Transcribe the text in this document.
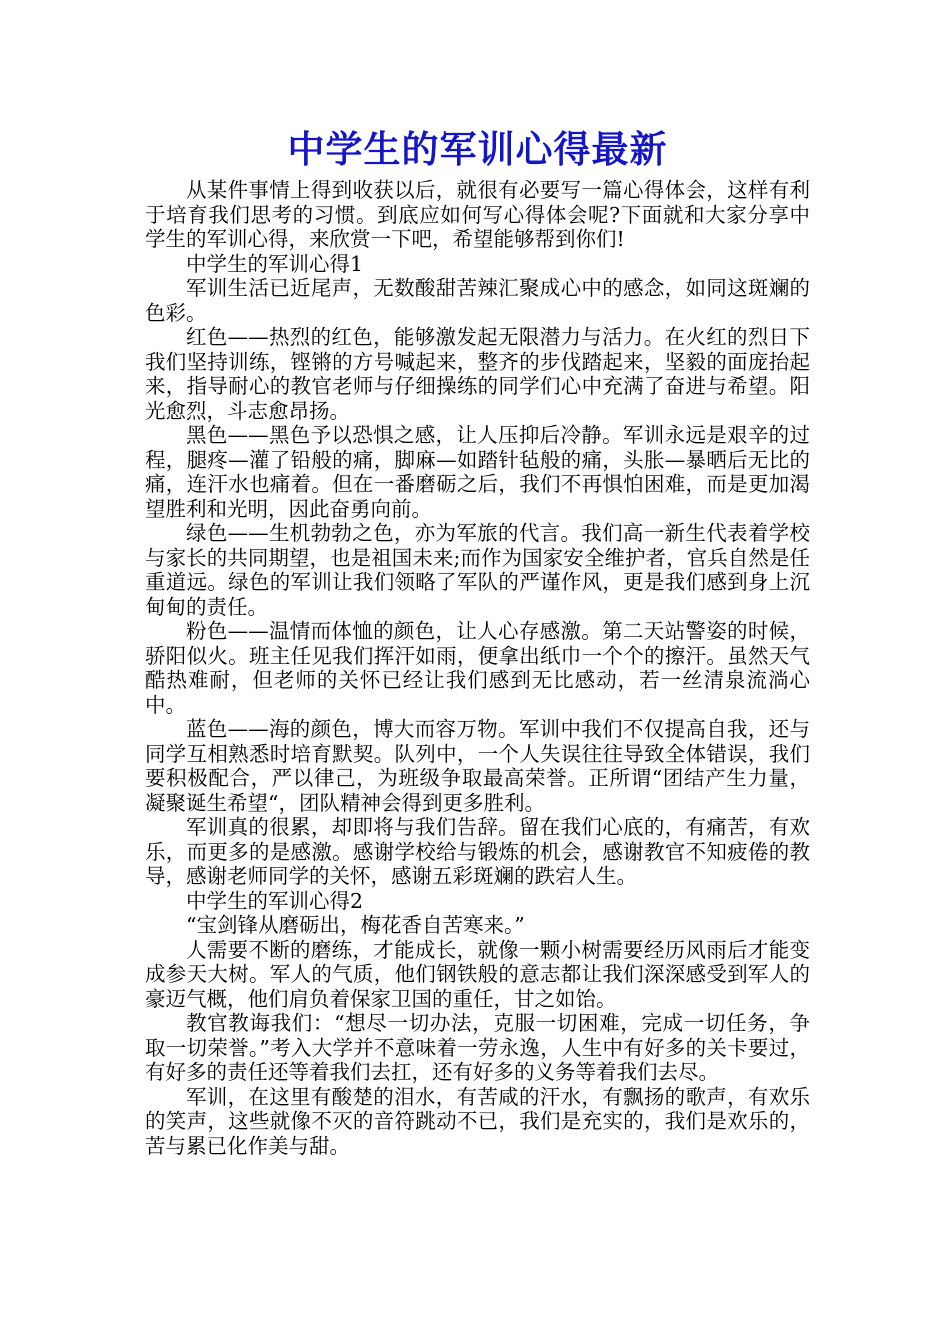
中学生的军训心得最新

从某件事情上得到收获以后，就很有必要写一篇心得体会，这样有利于培育我们思考的习惯。到底应如何写心得体会呢?下面就和大家分享中学生的军训心得，来欣赏一下吧，希望能够帮到你们!

中学生的军训心得1

军训生活已近尾声，无数酸甜苦辣汇聚成心中的感念，如同这斑斓的色彩。

红色——热烈的红色，能够激发起无限潜力与活力。在火红的烈日下我们坚持训练，铿锵的方号喊起来，整齐的步伐踏起来，坚毅的面庞抬起来，指导耐心的教官老师与仔细操练的同学们心中充满了奋进与希望。阳光愈烈，斗志愈昂扬。

黑色——黑色予以恐惧之感，让人压抑后冷静。军训永远是艰辛的过程，腿疼—灌了铅般的痛，脚麻—如踏针毡般的痛，头胀—暴晒后无比的痛，连汗水也痛着。但在一番磨砺之后，我们不再惧怕困难，而是更加渴望胜利和光明，因此奋勇向前。

绿色——生机勃勃之色，亦为军旅的代言。我们高一新生代表着学校与家长的共同期望，也是祖国未来;而作为国家安全维护者，官兵自然是任重道远。绿色的军训让我们领略了军队的严谨作风，更是我们感到身上沉甸甸的责任。

粉色——温情而体恤的颜色，让人心存感激。第二天站警姿的时候，骄阳似火。班主任见我们挥汗如雨，便拿出纸巾一个个的擦汗。虽然天气酷热难耐，但老师的关怀已经让我们感到无比感动，若一丝清泉流淌心中。

蓝色——海的颜色，博大而容万物。军训中我们不仅提高自我，还与同学互相熟悉时培育默契。队列中，一个人失误往往导致全体错误，我们要积极配合，严以律己，为班级争取最高荣誉。正所谓“团结产生力量，凝聚诞生希望“，团队精神会得到更多胜利。

军训真的很累，却即将与我们告辞。留在我们心底的，有痛苦，有欢乐，而更多的是感激。感谢学校给与锻炼的机会，感谢教官不知疲倦的教导，感谢老师同学的关怀，感谢五彩斑斓的跌宕人生。

中学生的军训心得2

“宝剑锋从磨砺出，梅花香自苦寒来。”

人需要不断的磨练，才能成长，就像一颗小树需要经历风雨后才能变成参天大树。军人的气质，他们钢铁般的意志都让我们深深感受到军人的豪迈气概，他们肩负着保家卫国的重任，甘之如饴。

教官教诲我们：“想尽一切办法，克服一切困难，完成一切任务，争取一切荣誉。”考入大学并不意味着一劳永逸，人生中有好多的关卡要过，有好多的责任还等着我们去扛，还有好多的义务等着我们去尽。

军训，在这里有酸楚的泪水，有苦咸的汗水，有飘扬的歌声，有欢乐的笑声，这些就像不灭的音符跳动不已，我们是充实的，我们是欢乐的，苦与累已化作美与甜。
